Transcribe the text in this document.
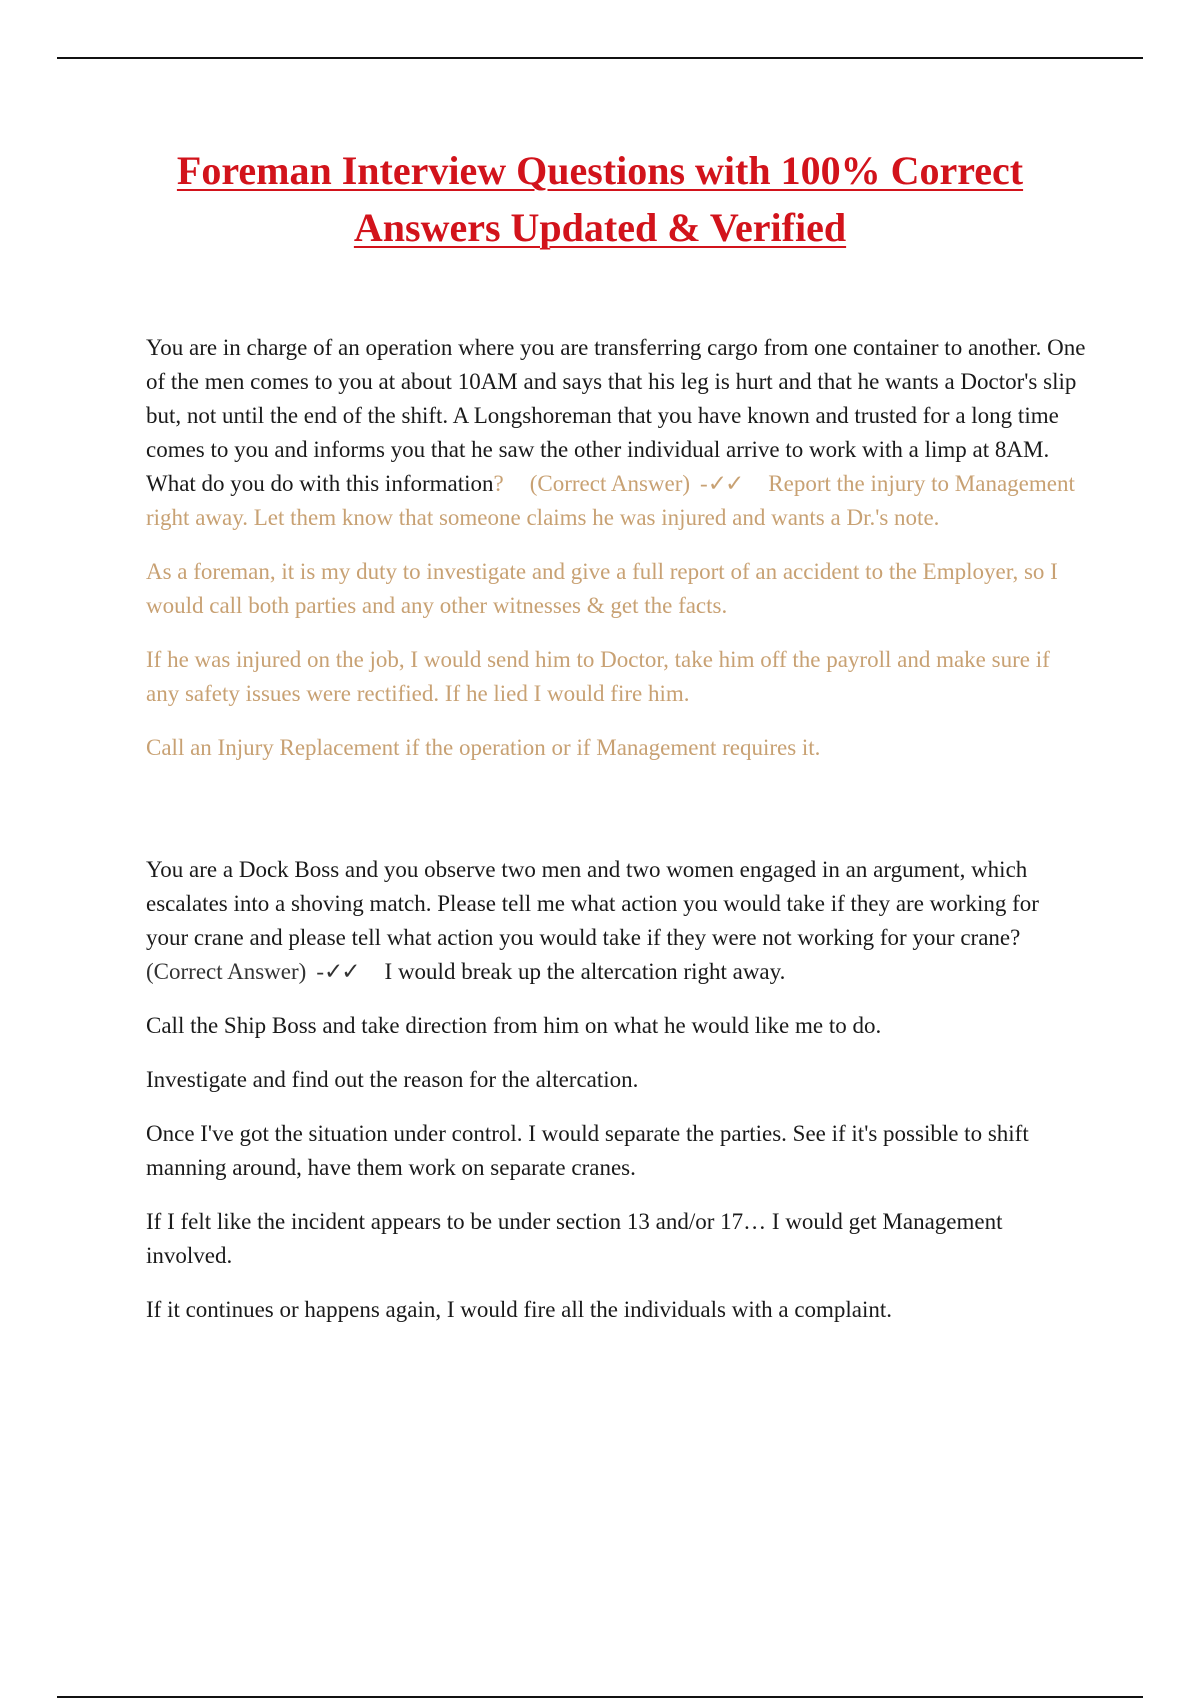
Foreman Interview Questions with 100% Correct Answers Updated & Verified

You are in charge of an operation where you are transferring cargo from one container to another. One of the men comes to you at about 10AM and says that his leg is hurt and that he wants a Doctor's slip but, not until the end of the shift. A Longshoreman that you have known and trusted for a long time comes to you and informs you that he saw the other individual arrive to work with a limp at 8AM. What do you do with this information? (Correct Answer) -✓✓ Report the injury to Management right away. Let them know that someone claims he was injured and wants a Dr.'s note.

As a foreman, it is my duty to investigate and give a full report of an accident to the Employer, so I would call both parties and any other witnesses & get the facts.

If he was injured on the job, I would send him to Doctor, take him off the payroll and make sure if any safety issues were rectified. If he lied I would fire him.

Call an Injury Replacement if the operation or if Management requires it.

You are a Dock Boss and you observe two men and two women engaged in an argument, which escalates into a shoving match. Please tell me what action you would take if they are working for your crane and please tell what action you would take if they were not working for your crane?(Correct Answer) -✓✓ I would break up the altercation right away.

Call the Ship Boss and take direction from him on what he would like me to do.

Investigate and find out the reason for the altercation.

Once I've got the situation under control. I would separate the parties. See if it's possible to shift manning around, have them work on separate cranes.

If I felt like the incident appears to be under section 13 and/or 17… I would get Management involved.

If it continues or happens again, I would fire all the individuals with a complaint.
